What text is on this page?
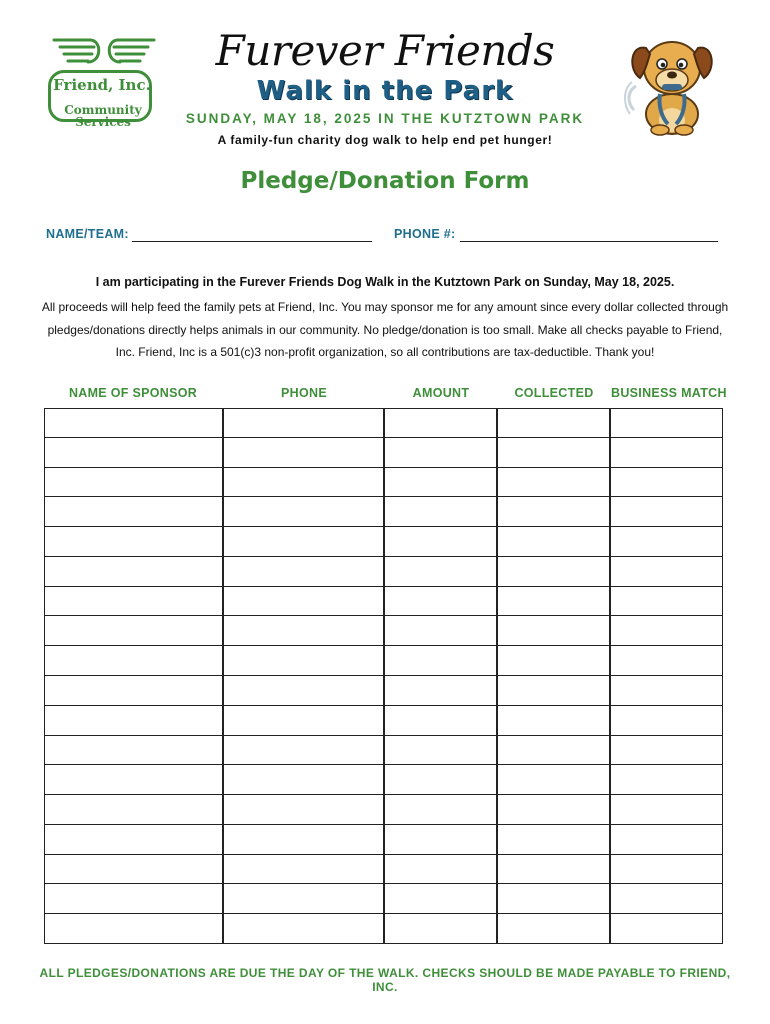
Friend, Inc.
Community
Services
Furever Friends
Walk in the Park
SUNDAY, MAY 18, 2025 IN THE KUTZTOWN PARK
A family-fun charity dog walk to help end pet hunger!
Pledge/Donation Form
NAME/TEAM:	PHONE #:
I am participating in the Furever Friends Dog Walk in the Kutztown Park on Sunday, May 18, 2025.
All proceeds will help feed the family pets at Friend, Inc. You may sponsor me for any amount since every dollar collected through pledges/donations directly helps animals in our community. No pledge/donation is too small. Make all checks payable to Friend, Inc. Friend, Inc is a 501(c)3 non-profit organization, so all contributions are tax-deductible. Thank you!
NAME OF SPONSOR	PHONE	AMOUNT	COLLECTED	BUSINESS MATCH
ALL PLEDGES/DONATIONS ARE DUE THE DAY OF THE WALK. CHECKS SHOULD BE MADE PAYABLE TO FRIEND, INC.
